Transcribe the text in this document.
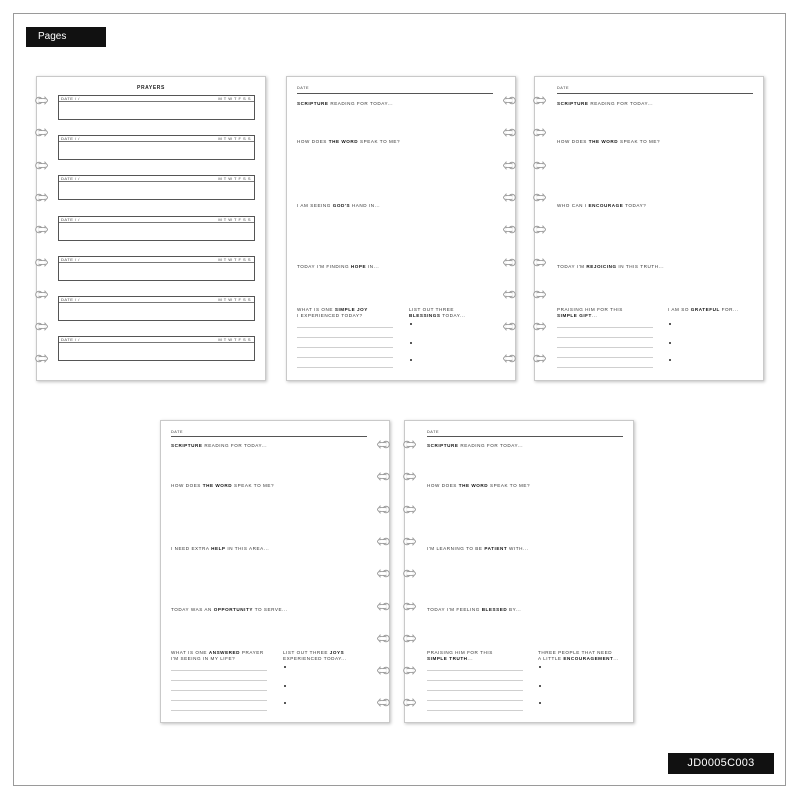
Pages
JD0005C003
PRAYERS
DATE / /	M T W T F S S
DATE / /	M T W T F S S
DATE / /	M T W T F S S
DATE / /	M T W T F S S
DATE / /	M T W T F S S
DATE / /	M T W T F S S
DATE / /	M T W T F S S
DATE
SCRIPTURE READING FOR TODAY...
HOW DOES THE WORD SPEAK TO ME?
I AM SEEING GOD'S HAND IN...
TODAY I'M FINDING HOPE IN...
WHAT IS ONE SIMPLE JOY
I EXPERIENCED TODAY?
LIST OUT THREE
BLESSINGS TODAY...
DATE
SCRIPTURE READING FOR TODAY...
HOW DOES THE WORD SPEAK TO ME?
WHO CAN I ENCOURAGE TODAY?
TODAY I'M REJOICING IN THIS TRUTH...
PRAISING HIM FOR THIS
SIMPLE GIFT...
I AM SO GRATEFUL FOR...
DATE
SCRIPTURE READING FOR TODAY...
HOW DOES THE WORD SPEAK TO ME?
I NEED EXTRA HELP IN THIS AREA...
TODAY WAS AN OPPORTUNITY TO SERVE...
WHAT IS ONE ANSWERED PRAYER
I'M SEEING IN MY LIFE?
LIST OUT THREE JOYS
EXPERIENCED TODAY...
DATE
SCRIPTURE READING FOR TODAY...
HOW DOES THE WORD SPEAK TO ME?
I'M LEARNING TO BE PATIENT WITH...
TODAY I'M FEELING BLESSED BY...
PRAISING HIM FOR THIS
SIMPLE TRUTH...
THREE PEOPLE THAT NEED
A LITTLE ENCOURAGEMENT...
